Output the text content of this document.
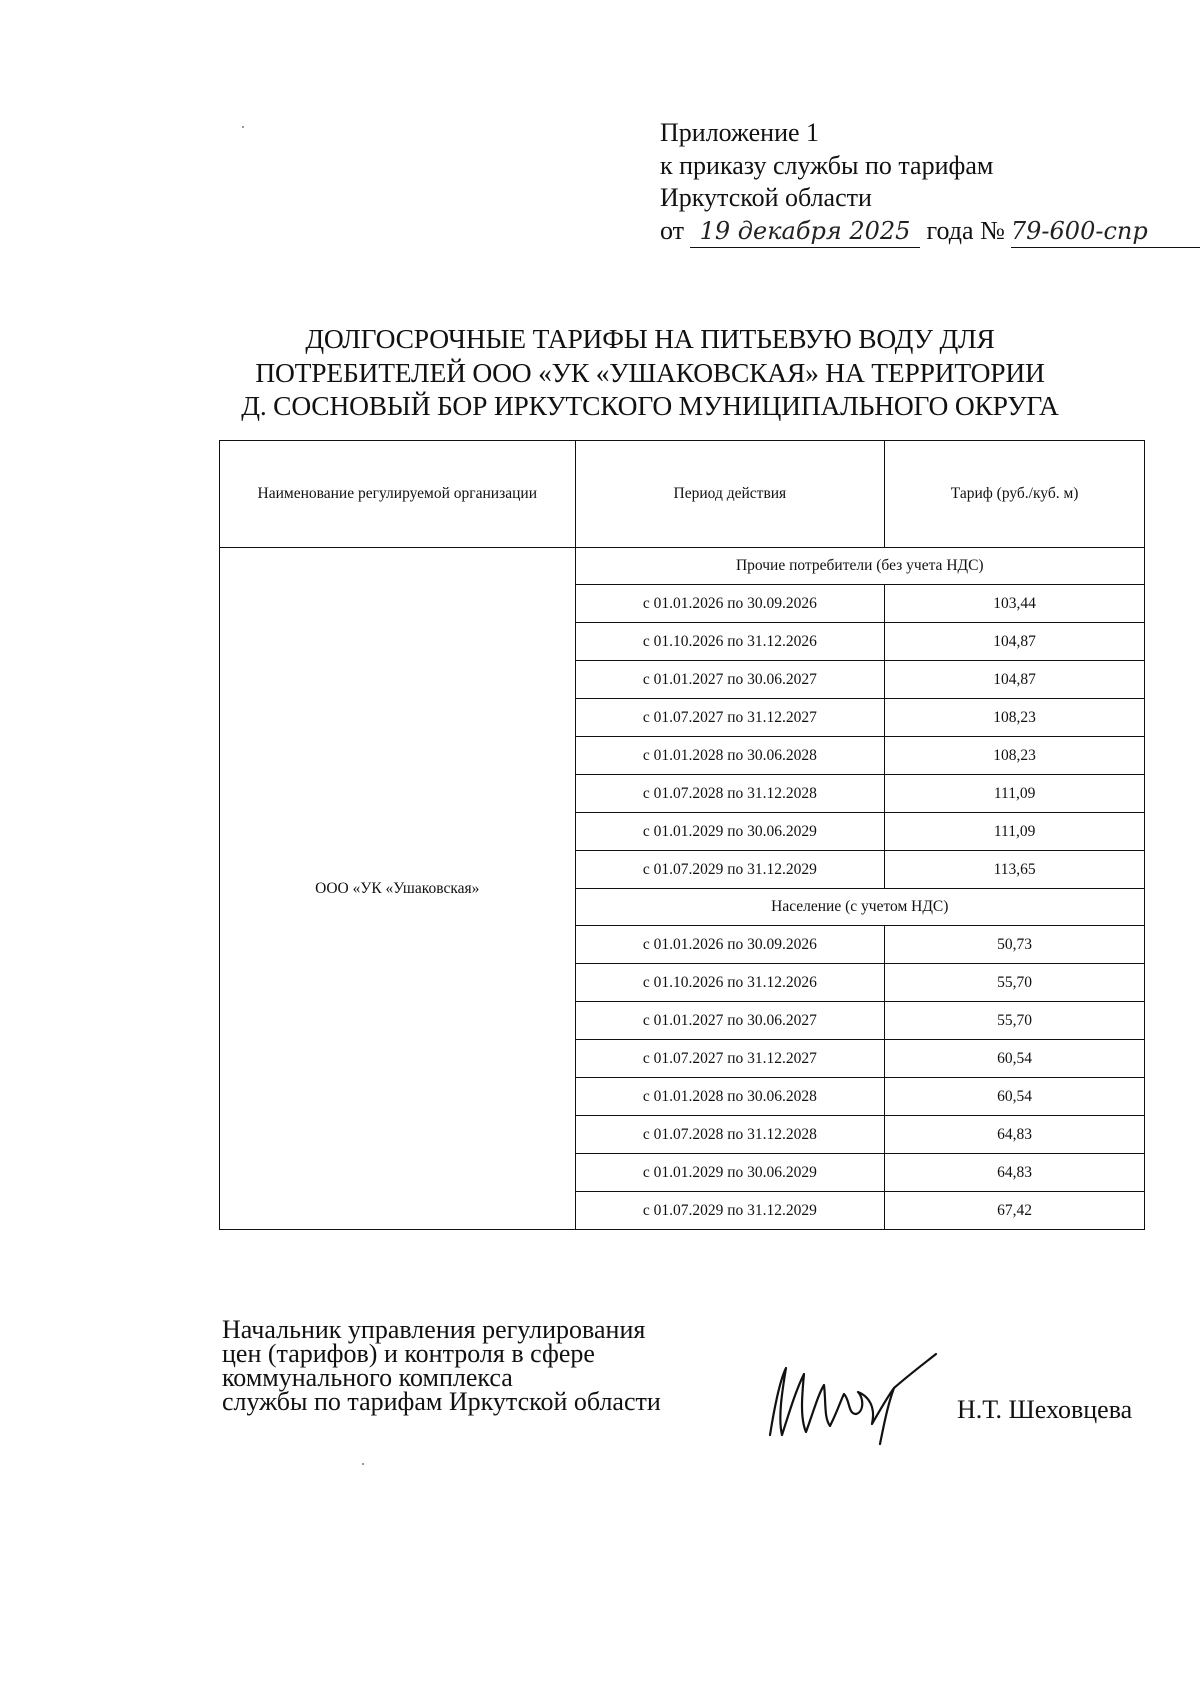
Приложение 1
к приказу службы по тарифам
Иркутской области
от 19 декабря 2025 года № 79-600-спр
ДОЛГОСРОЧНЫЕ ТАРИФЫ НА ПИТЬЕВУЮ ВОДУ ДЛЯ
ПОТРЕБИТЕЛЕЙ ООО «УК «УШАКОВСКАЯ» НА ТЕРРИТОРИИ
Д. СОСНОВЫЙ БОР ИРКУТСКОГО МУНИЦИПАЛЬНОГО ОКРУГА
Наименование регулируемой организации	Период действия	Тариф (руб./куб. м)
ООО «УК «Ушаковская»	Прочие потребители (без учета НДС)	
	с 01.01.2026 по 30.09.2026	103,44
	с 01.10.2026 по 31.12.2026	104,87
	с 01.01.2027 по 30.06.2027	104,87
	с 01.07.2027 по 31.12.2027	108,23
	с 01.01.2028 по 30.06.2028	108,23
	с 01.07.2028 по 31.12.2028	111,09
	с 01.01.2029 по 30.06.2029	111,09
	с 01.07.2029 по 31.12.2029	113,65
	Население (с учетом НДС)	
	с 01.01.2026 по 30.09.2026	50,73
	с 01.10.2026 по 31.12.2026	55,70
	с 01.01.2027 по 30.06.2027	55,70
	с 01.07.2027 по 31.12.2027	60,54
	с 01.01.2028 по 30.06.2028	60,54
	с 01.07.2028 по 31.12.2028	64,83
	с 01.01.2029 по 30.06.2029	64,83
	с 01.07.2029 по 31.12.2029	67,42
Начальник управления регулирования
цен (тарифов) и контроля в сфере
коммунального комплекса
службы по тарифам Иркутской области	Н.Т. Шеховцева
